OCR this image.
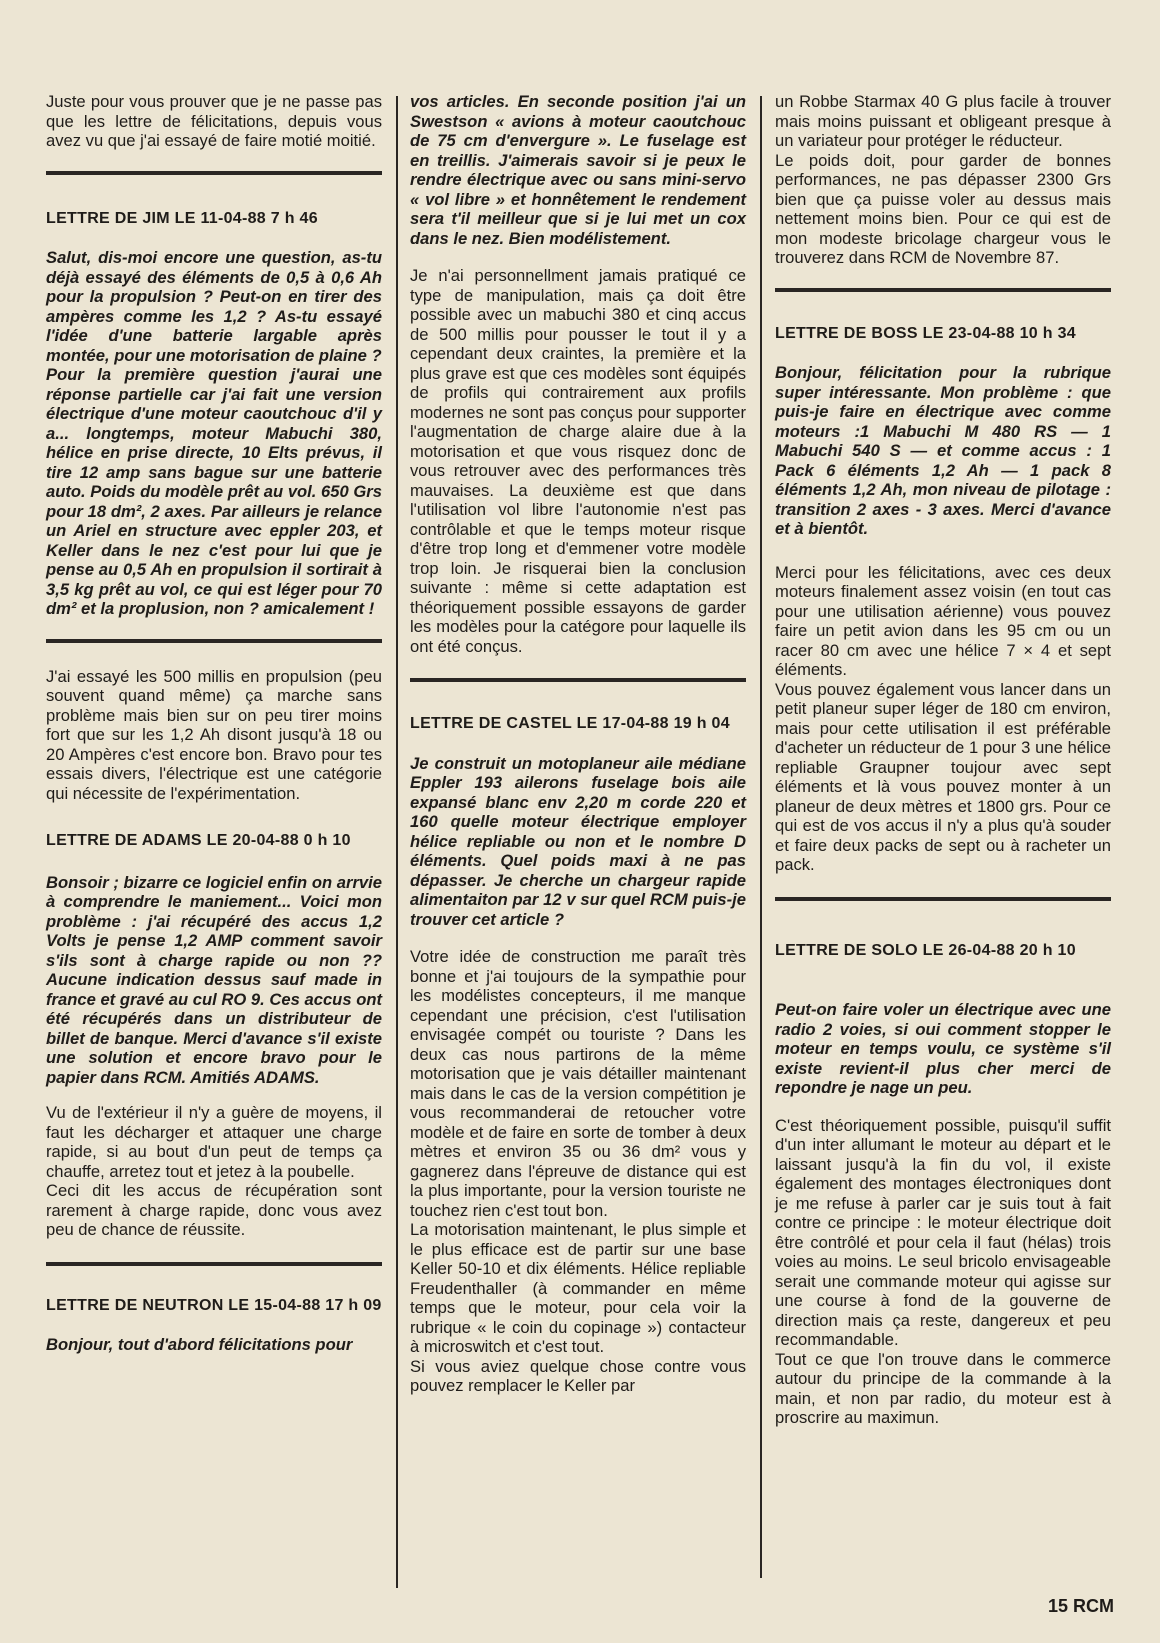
Juste pour vous prouver que je ne passe pas que les lettre de félicitations, depuis vous avez vu que j'ai essayé de faire motié moitié.

LETTRE DE JIM LE 11-04-88 7 h 46

Salut, dis-moi encore une question, as-tu déjà essayé des éléments de 0,5 à 0,6 Ah pour la propulsion ? Peut-on en tirer des ampères comme les 1,2 ? As-tu essayé l'idée d'une batterie largable après montée, pour une motorisation de plaine ?

Pour la première question j'aurai une réponse partielle car j'ai fait une version électrique d'une moteur caoutchouc d'il y a... longtemps, moteur Mabuchi 380, hélice en prise directe, 10 Elts prévus, il tire 12 amp sans bague sur une batterie auto. Poids du modèle prêt au vol. 650 Grs pour 18 dm², 2 axes. Par ailleurs je relance un Ariel en structure avec eppler 203, et Keller dans le nez c'est pour lui que je pense au 0,5 Ah en propulsion il sortirait à 3,5 kg prêt au vol, ce qui est léger pour 70 dm² et la proplusion, non ? amicalement !

J'ai essayé les 500 millis en propulsion (peu souvent quand même) ça marche sans problème mais bien sur on peu tirer moins fort que sur les 1,2 Ah disont jusqu'à 18 ou 20 Ampères c'est encore bon. Bravo pour tes essais divers, l'électrique est une catégorie qui nécessite de l'expérimentation.

LETTRE DE ADAMS LE 20-04-88 0 h 10

Bonsoir ; bizarre ce logiciel enfin on arrvie à comprendre le maniement... Voici mon problème : j'ai récupéré des accus 1,2 Volts je pense 1,2 AMP comment savoir s'ils sont à charge rapide ou non ?? Aucune indication dessus sauf made in france et gravé au cul RO 9. Ces accus ont été récupérés dans un distributeur de billet de banque. Merci d'avance s'il existe une solution et encore bravo pour le papier dans RCM. Amitiés ADAMS.

Vu de l'extérieur il n'y a guère de moyens, il faut les décharger et attaquer une charge rapide, si au bout d'un peut de temps ça chauffe, arretez tout et jetez à la poubelle.

Ceci dit les accus de récupération sont rarement à charge rapide, donc vous avez peu de chance de réussite.

LETTRE DE NEUTRON LE 15-04-88 17 h 09

Bonjour, tout d'abord félicitations pour

vos articles. En seconde position j'ai un Swestson « avions à moteur caoutchouc de 75 cm d'envergure ». Le fuselage est en treillis. J'aimerais savoir si je peux le rendre électrique avec ou sans mini-servo « vol libre » et honnêtement le rendement sera t'il meilleur que si je lui met un cox dans le nez. Bien modélistement.

Je n'ai personnellment jamais pratiqué ce type de manipulation, mais ça doit être possible avec un mabuchi 380 et cinq accus de 500 millis pour pousser le tout il y a cependant deux craintes, la première et la plus grave est que ces modèles sont équipés de profils qui contrairement aux profils modernes ne sont pas conçus pour supporter l'augmentation de charge alaire due à la motorisation et que vous risquez donc de vous retrouver avec des performances très mauvaises. La deuxième est que dans l'utilisation vol libre l'autonomie n'est pas contrôlable et que le temps moteur risque d'être trop long et d'emmener votre modèle trop loin. Je risquerai bien la conclusion suivante : même si cette adaptation est théoriquement possible essayons de garder les modèles pour la catégore pour laquelle ils ont été conçus.

LETTRE DE CASTEL LE 17-04-88 19 h 04

Je construit un motoplaneur aile médiane Eppler 193 ailerons fuselage bois aile expansé blanc env 2,20 m corde 220 et 160 quelle moteur électrique employer hélice repliable ou non et le nombre D éléments. Quel poids maxi à ne pas dépasser. Je cherche un chargeur rapide alimentaiton par 12 v sur quel RCM puis-je trouver cet article ?

Votre idée de construction me paraît très bonne et j'ai toujours de la sympathie pour les modélistes concepteurs, il me manque cependant une précision, c'est l'utilisation envisagée compét ou touriste ? Dans les deux cas nous partirons de la même motorisation que je vais détailler maintenant mais dans le cas de la version compétition je vous recommanderai de retoucher votre modèle et de faire en sorte de tomber à deux mètres et environ 35 ou 36 dm² vous y gagnerez dans l'épreuve de distance qui est la plus importante, pour la version touriste ne touchez rien c'est tout bon.

La motorisation maintenant, le plus simple et le plus efficace est de partir sur une base Keller 50-10 et dix éléments. Hélice repliable Freudenthaller (à commander en même temps que le moteur, pour cela voir la rubrique « le coin du copinage ») contacteur à microswitch et c'est tout.

Si vous aviez quelque chose contre vous pouvez remplacer le Keller par

un Robbe Starmax 40 G plus facile à trouver mais moins puissant et obligeant presque à un variateur pour protéger le réducteur.

Le poids doit, pour garder de bonnes performances, ne pas dépasser 2300 Grs bien que ça puisse voler au dessus mais nettement moins bien. Pour ce qui est de mon modeste bricolage chargeur vous le trouverez dans RCM de Novembre 87.

LETTRE DE BOSS LE 23-04-88 10 h 34

Bonjour, félicitation pour la rubrique super intéressante. Mon problème : que puis-je faire en électrique avec comme moteurs :1 Mabuchi M 480 RS — 1 Mabuchi 540 S — et comme accus : 1 Pack 6 éléments 1,2 Ah — 1 pack 8 éléments 1,2 Ah, mon niveau de pilotage : transition 2 axes - 3 axes. Merci d'avance et à bientôt.

Merci pour les félicitations, avec ces deux moteurs finalement assez voisin (en tout cas pour une utilisation aérienne) vous pouvez faire un petit avion dans les 95 cm ou un racer 80 cm avec une hélice 7 × 4 et sept éléments.

Vous pouvez également vous lancer dans un petit planeur super léger de 180 cm environ, mais pour cette utilisation il est préférable d'acheter un réducteur de 1 pour 3 une hélice repliable Graupner toujour avec sept éléments et là vous pouvez monter à un planeur de deux mètres et 1800 grs. Pour ce qui est de vos accus il n'y a plus qu'à souder et faire deux packs de sept ou à racheter un pack.

LETTRE DE SOLO LE 26-04-88 20 h 10

Peut-on faire voler un électrique avec une radio 2 voies, si oui comment stopper le moteur en temps voulu, ce système s'il existe revient-il plus cher merci de repondre je nage un peu.

C'est théoriquement possible, puisqu'il suffit d'un inter allumant le moteur au départ et le laissant jusqu'à la fin du vol, il existe également des montages électroniques dont je me refuse à parler car je suis tout à fait contre ce principe : le moteur électrique doit être contrôlé et pour cela il faut (hélas) trois voies au moins. Le seul bricolo envisageable serait une commande moteur qui agisse sur une course à fond de la gouverne de direction mais ça reste, dangereux et peu recommandable.

Tout ce que l'on trouve dans le commerce autour du principe de la commande à la main, et non par radio, du moteur est à proscrire au maximun.

15 RCM
